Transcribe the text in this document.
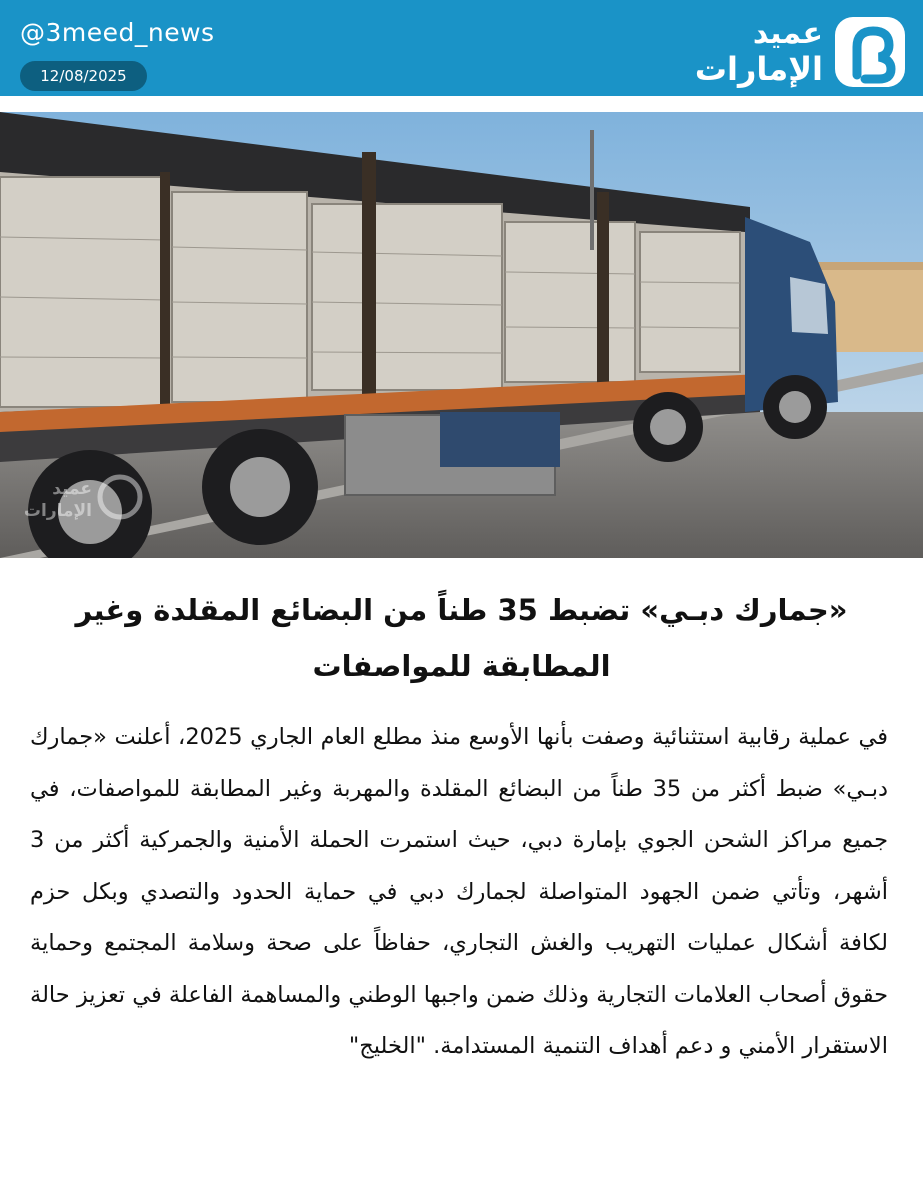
@3meed_news
12/08/2025
عميد
الإمارات
عميد
الإمارات
«جمارك دبـي» تضبط 35 طناً من البضائع المقلدة وغير المطابقة للمواصفات
في عملية رقابية استثنائية وصفت بأنها الأوسع منذ مطلع العام الجاري 2025، أعلنت «جمارك دبـي» ضبط أكثر من 35 طناً من البضائع المقلدة والمهربة وغير المطابقة للمواصفات، في جميع مراكز الشحن الجوي بإمارة دبي، حيث استمرت الحملة الأمنية والجمركية أكثر من 3 أشهر، وتأتي ضمن الجهود المتواصلة لجمارك دبي في حماية الحدود والتصدي وبكل حزم لكافة أشكال عمليات التهريب والغش التجاري، حفاظاً على صحة وسلامة المجتمع وحماية حقوق أصحاب العلامات التجارية وذلك ضمن واجبها الوطني والمساهمة الفاعلة في تعزيز حالة الاستقرار الأمني و دعم أهداف التنمية المستدامة. "الخليج"
